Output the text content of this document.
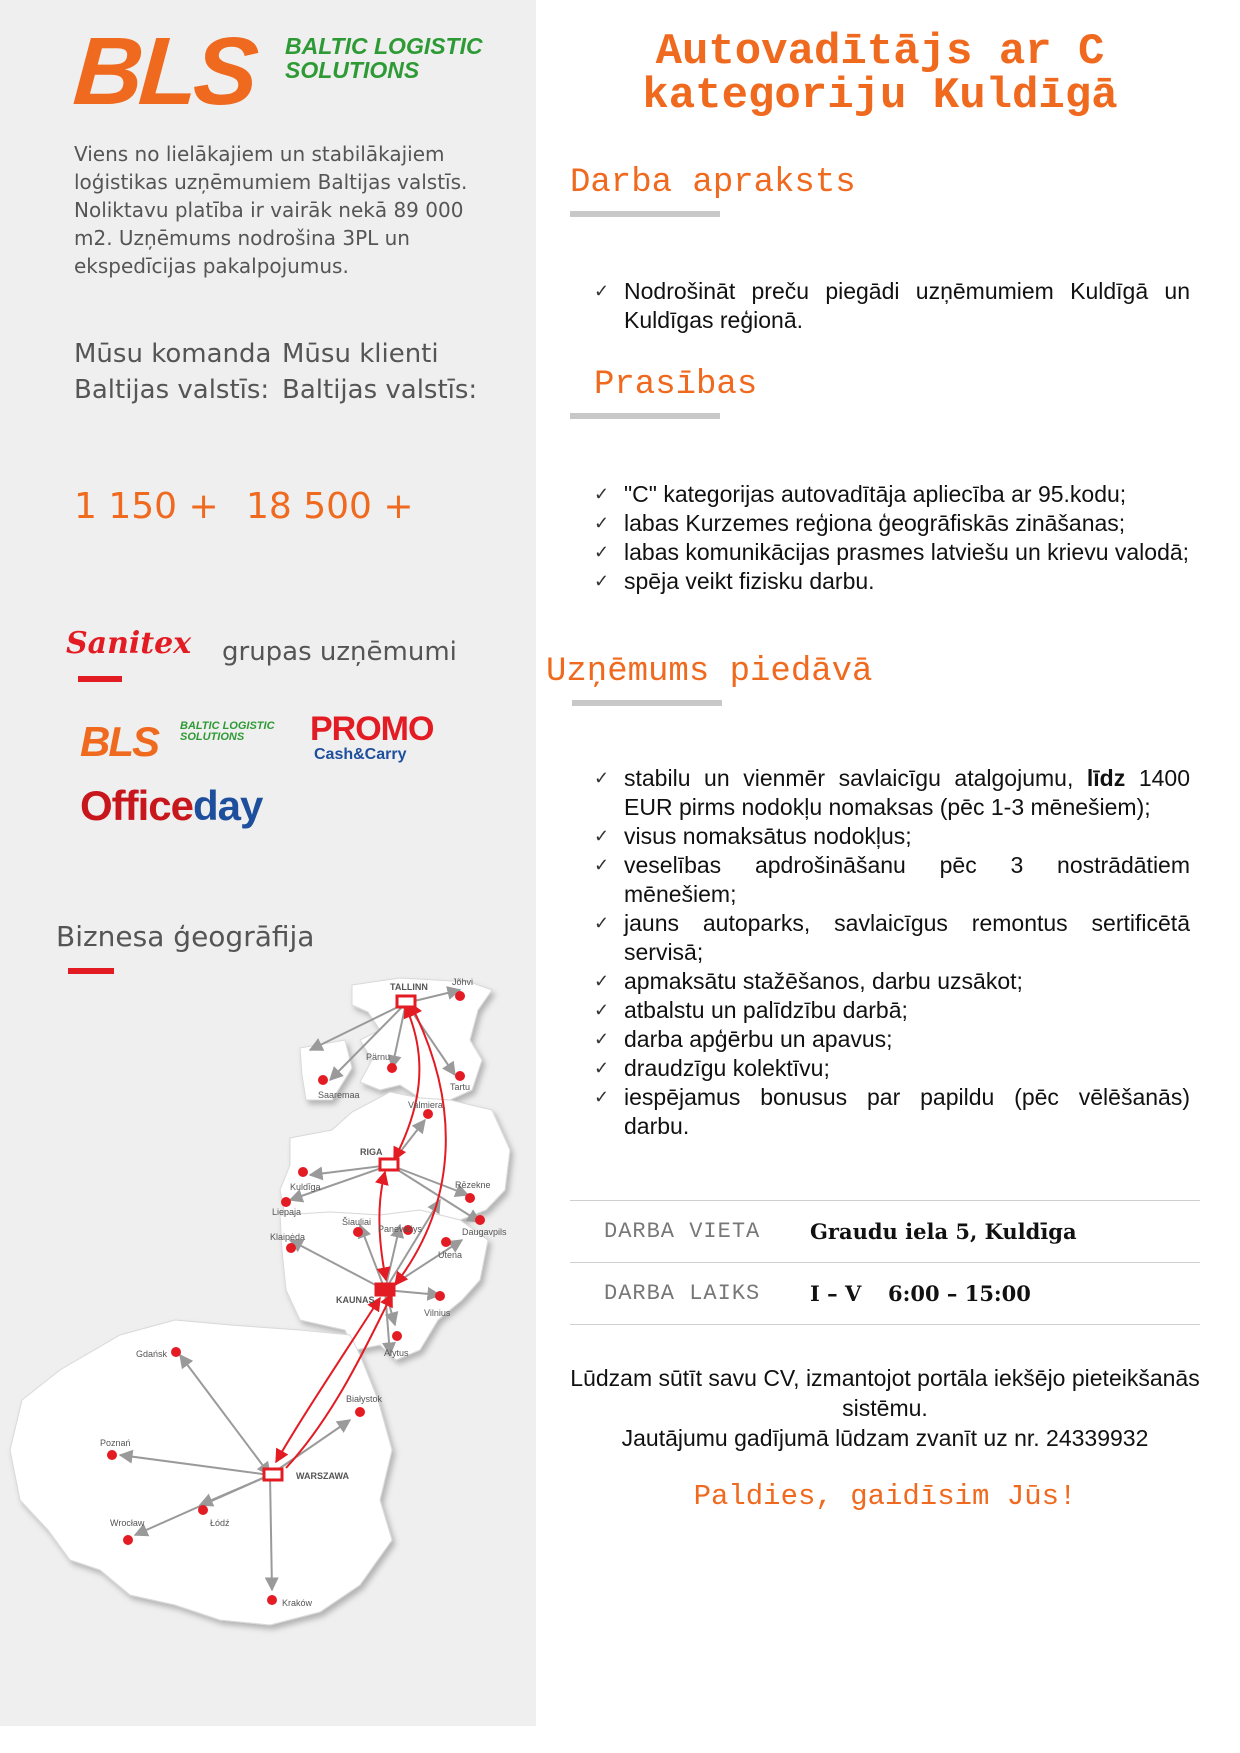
BLS BALTIC LOGISTIC
SOLUTIONS
Viens no lielākajiem un stabilākajiem loģistikas uzņēmumiem Baltijas valstīs. Noliktavu platība ir vairāk nekā 89 000 m2. Uzņēmums nodrošina 3PL un ekspedīcijas pakalpojumus.
Mūsu komanda
Baltijas valstīs:
Mūsu klienti
Baltijas valstīs:
1 150 + 18 500 +
Sanitex grupas uzņēmumi
BLS BALTIC LOGISTIC
SOLUTIONS	PROMO
Cash&Carry
Officeday
Biznesa ģeogrāfija
TALLINN	Jõhvi
Pärnu
Tartu
Saaremaa
Valmiera
RIGA
Kuldīga
Liepaja
Rēzekne
Daugavpils
Šiauliai
Panevėžys
Klaipėda
Utena
KAUNAS
Vilnius
Alytus
Gdańsk
Białystok
Poznań
WARSZAWA
Wrocław	Łódź
Kraków
Autovadītājs ar C
kategoriju Kuldīgā
Darba apraksts
✓ Nodrošināt preču piegādi uzņēmumiem Kuldīgā un Kuldīgas reģionā.
Prasības
✓ "C" kategorijas autovadītāja apliecība ar 95.kodu;
✓ labas Kurzemes reģiona ģeogrāfiskās zināšanas;
✓ labas komunikācijas prasmes latviešu un krievu valodā;
✓ spēja veikt fizisku darbu.
Uzņēmums piedāvā
✓ stabilu un vienmēr savlaicīgu atalgojumu, līdz 1400 EUR pirms nodokļu nomaksas (pēc 1-3 mēnešiem);
✓ visus nomaksātus nodokļus;
✓ veselības apdrošināšanu pēc 3 nostrādātiem mēnešiem;
✓ jauns autoparks, savlaicīgus remontus sertificētā servisā;
✓ apmaksātu stažēšanos, darbu uzsākot;
✓ atbalstu un palīdzību darbā;
✓ darba apģērbu un apavus;
✓ draudzīgu kolektīvu;
✓ iespējamus bonusus par papildu (pēc vēlēšanās) darbu.
DARBA VIETA Graudu iela 5, Kuldīga
DARBA LAIKS I – V 6:00 – 15:00
Lūdzam sūtīt savu CV, izmantojot portāla iekšējo pieteikšanās sistēmu.
Jautājumu gadījumā lūdzam zvanīt uz nr. 24339932
Paldies, gaidīsim Jūs!
